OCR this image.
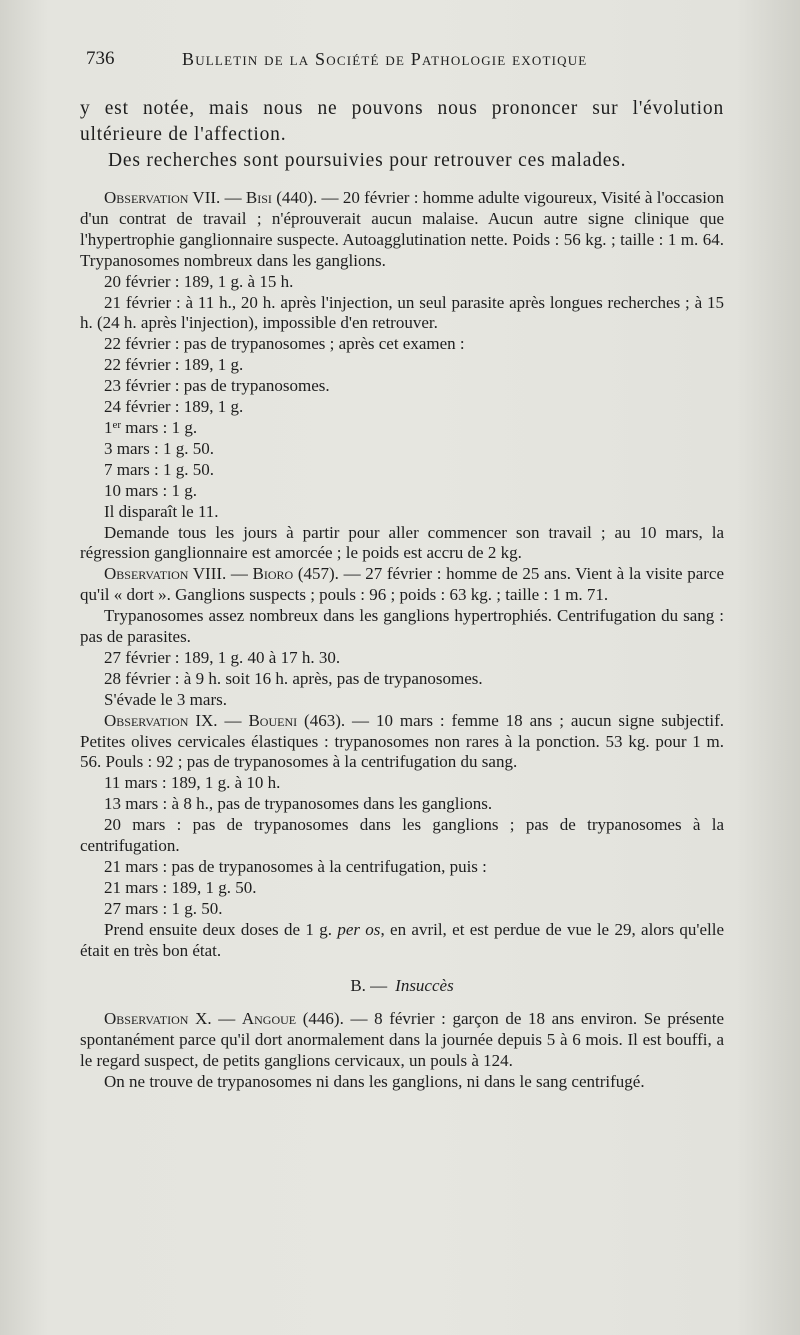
736	Bulletin de la Société de Pathologie exotique

y est notée, mais nous ne pouvons nous prononcer sur l'évolution ultérieure de l'affection.

Des recherches sont poursuivies pour retrouver ces malades.

Observation VII. — Bisi (440). — 20 février : homme adulte vigoureux, Visité à l'occasion d'un contrat de travail ; n'éprouverait aucun malaise. Aucun autre signe clinique que l'hypertrophie ganglionnaire suspecte. Autoagglutination nette. Poids : 56 kg. ; taille : 1 m. 64. Trypanosomes nombreux dans les ganglions.

20 février : 189, 1 g. à 15 h.

21 février : à 11 h., 20 h. après l'injection, un seul parasite après longues recherches ; à 15 h. (24 h. après l'injection), impossible d'en retrouver.

22 février : pas de trypanosomes ; après cet examen :

22 février : 189, 1 g.

23 février : pas de trypanosomes.

24 février : 189, 1 g.

1er mars : 1 g.

3 mars : 1 g. 50.

7 mars : 1 g. 50.

10 mars : 1 g.

Il disparaît le 11.

Demande tous les jours à partir pour aller commencer son travail ; au 10 mars, la régression ganglionnaire est amorcée ; le poids est accru de 2 kg.

Observation VIII. — Bioro (457). — 27 février : homme de 25 ans. Vient à la visite parce qu'il « dort ». Ganglions suspects ; pouls : 96 ; poids : 63 kg. ; taille : 1 m. 71.

Trypanosomes assez nombreux dans les ganglions hypertrophiés. Centrifugation du sang : pas de parasites.

27 février : 189, 1 g. 40 à 17 h. 30.

28 février : à 9 h. soit 16 h. après, pas de trypanosomes.

S'évade le 3 mars.

Observation IX. — Boueni (463). — 10 mars : femme 18 ans ; aucun signe subjectif. Petites olives cervicales élastiques : trypanosomes non rares à la ponction. 53 kg. pour 1 m. 56. Pouls : 92 ; pas de trypanosomes à la centrifugation du sang.

11 mars : 189, 1 g. à 10 h.

13 mars : à 8 h., pas de trypanosomes dans les ganglions.

20 mars : pas de trypanosomes dans les ganglions ; pas de trypanosomes à la centrifugation.

21 mars : pas de trypanosomes à la centrifugation, puis :

21 mars : 189, 1 g. 50.

27 mars : 1 g. 50.

Prend ensuite deux doses de 1 g. per os, en avril, et est perdue de vue le 29, alors qu'elle était en très bon état.

B. — Insuccès

Observation X. — Angoue (446). — 8 février : garçon de 18 ans environ. Se présente spontanément parce qu'il dort anormalement dans la journée depuis 5 à 6 mois. Il est bouffi, a le regard suspect, de petits ganglions cervicaux, un pouls à 124.

On ne trouve de trypanosomes ni dans les ganglions, ni dans le sang centrifugé.
